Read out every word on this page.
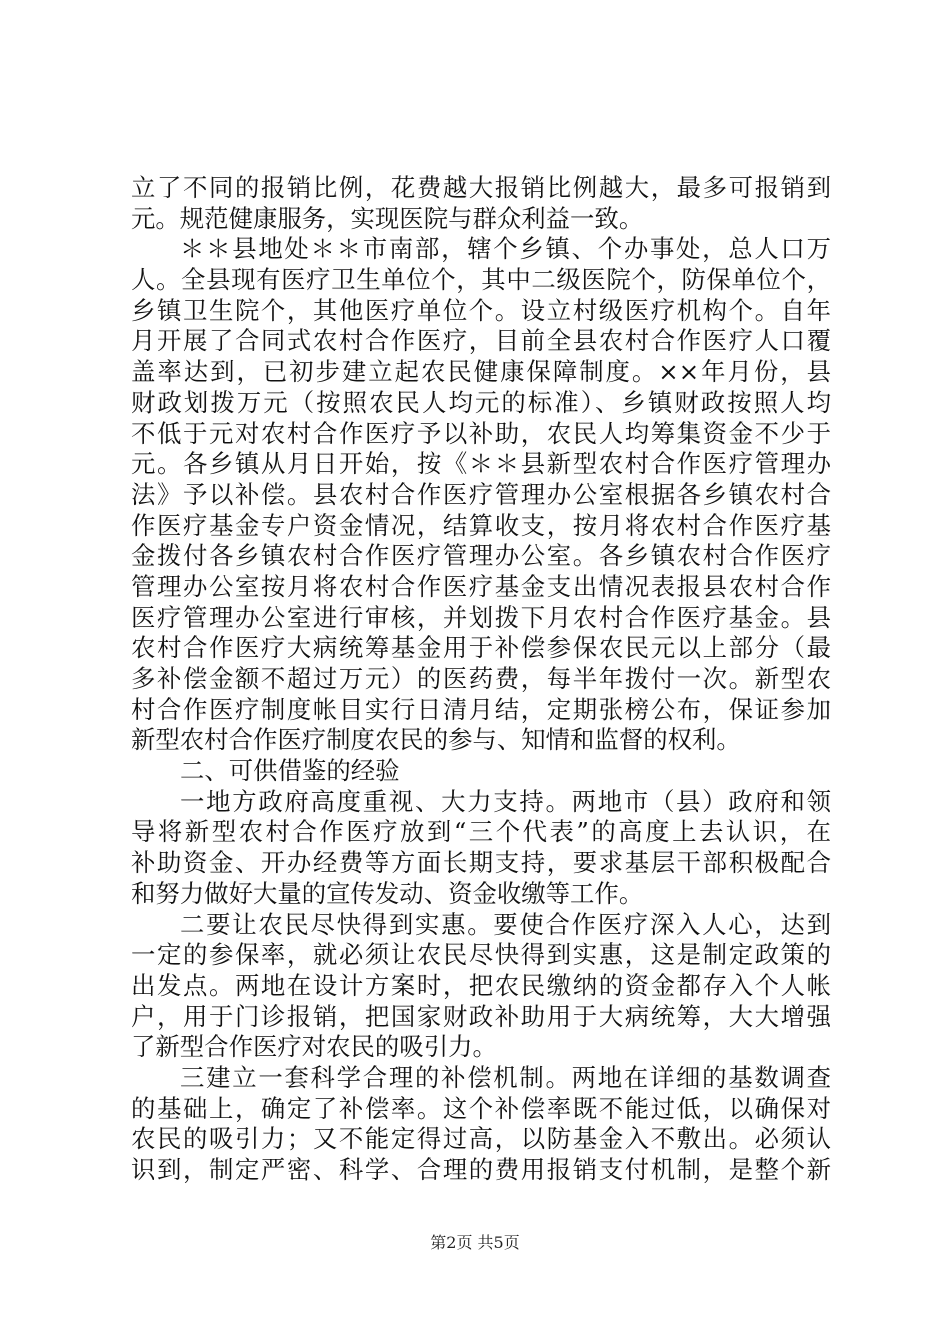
立了不同的报销比例，花费越大报销比例越大，最多可报销到
元。规范健康服务，实现医院与群众利益一致。
＊＊县地处＊＊市南部，辖个乡镇、个办事处，总人口万
人。全县现有医疗卫生单位个，其中二级医院个，防保单位个，
乡镇卫生院个，其他医疗单位个。设立村级医疗机构个。自年
月开展了合同式农村合作医疗，目前全县农村合作医疗人口覆
盖率达到，已初步建立起农民健康保障制度。××年月份，县
财政划拨万元（按照农民人均元的标准）、乡镇财政按照人均
不低于元对农村合作医疗予以补助，农民人均筹集资金不少于
元。各乡镇从月日开始，按《＊＊县新型农村合作医疗管理办
法》予以补偿。县农村合作医疗管理办公室根据各乡镇农村合
作医疗基金专户资金情况，结算收支，按月将农村合作医疗基
金拨付各乡镇农村合作医疗管理办公室。各乡镇农村合作医疗
管理办公室按月将农村合作医疗基金支出情况表报县农村合作
医疗管理办公室进行审核，并划拨下月农村合作医疗基金。县
农村合作医疗大病统筹基金用于补偿参保农民元以上部分（最
多补偿金额不超过万元）的医药费，每半年拨付一次。新型农
村合作医疗制度帐目实行日清月结，定期张榜公布，保证参加
新型农村合作医疗制度农民的参与、知情和监督的权利。
二、可供借鉴的经验
一地方政府高度重视、大力支持。两地市（县）政府和领
导将新型农村合作医疗放到“三个代表”的高度上去认识，在
补助资金、开办经费等方面长期支持，要求基层干部积极配合
和努力做好大量的宣传发动、资金收缴等工作。
二要让农民尽快得到实惠。要使合作医疗深入人心，达到
一定的参保率，就必须让农民尽快得到实惠，这是制定政策的
出发点。两地在设计方案时，把农民缴纳的资金都存入个人帐
户，用于门诊报销，把国家财政补助用于大病统筹，大大增强
了新型合作医疗对农民的吸引力。
三建立一套科学合理的补偿机制。两地在详细的基数调查
的基础上，确定了补偿率。这个补偿率既不能过低，以确保对
农民的吸引力；又不能定得过高，以防基金入不敷出。必须认
识到，制定严密、科学、合理的费用报销支付机制，是整个新
第2页 共5页
